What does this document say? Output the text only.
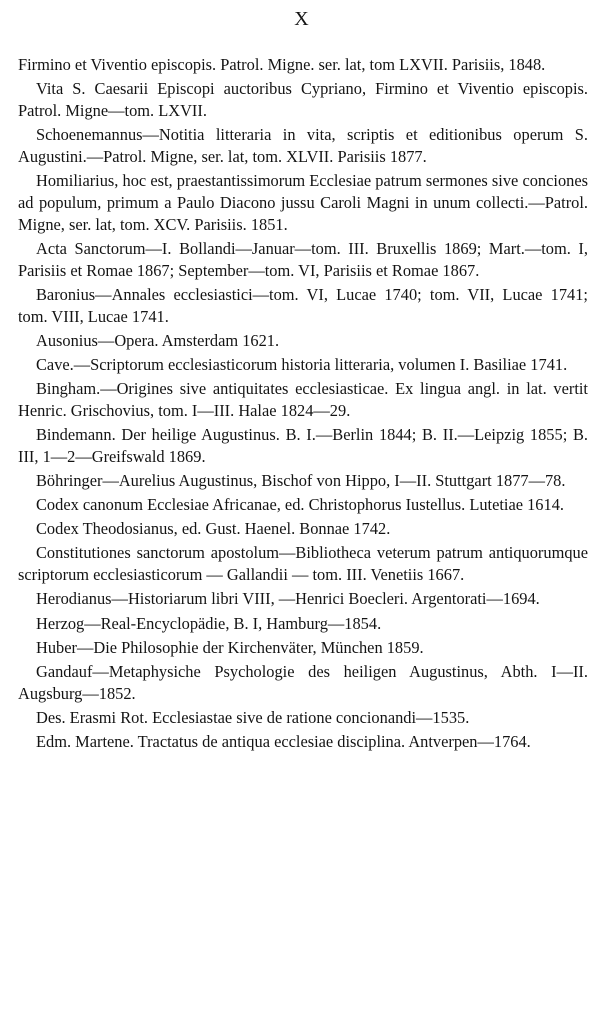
X
Firmino et Viventio episcopis. Patrol. Migne. ser. lat, tom LXVII. Parisiis, 1848.
Vita S. Caesarii Episcopi auctoribus Cypriano, Firmino et Viventio episcopis. Patrol. Migne—tom. LXVII.
Schoenemannus—Notitia litteraria in vita, scriptis et editionibus operum S. Augustini.—Patrol. Migne, ser. lat, tom. XLVII. Parisiis 1877.
Homiliarius, hoc est, praestantissimorum Ecclesiae patrum sermones sive conciones ad populum, primum a Paulo Diacono jussu Caroli Magni in unum collecti.—Patrol. Migne, ser. lat, tom. XCV. Parisiis. 1851.
Acta Sanctorum—I. Bollandi—Januar—tom. III. Bruxellis 1869; Mart.—tom. I, Parisiis et Romae 1867; September—tom. VI, Parisiis et Romae 1867.
Baronius—Annales ecclesiastici—tom. VI, Lucae 1740; tom. VII, Lucae 1741; tom. VIII, Lucae 1741.
Ausonius—Opera. Amsterdam 1621.
Cave.—Scriptorum ecclesiasticorum historia litteraria, volumen I. Basiliae 1741.
Bingham.—Origines sive antiquitates ecclesiasticae. Ex lingua angl. in lat. vertit Henric. Grischovius, tom. I—III. Halae 1824—29.
Bindemann. Der heilige Augustinus. B. I.—Berlin 1844; B. II.—Leipzig 1855; B. III, 1—2—Greifswald 1869.
Böhringer—Aurelius Augustinus, Bischof von Hippo, I—II. Stuttgart 1877—78.
Codex canonum Ecclesiae Africanae, ed. Christophorus Iustellus. Lutetiae 1614.
Codex Theodosianus, ed. Gust. Haenel. Bonnae 1742.
Constitutiones sanctorum apostolum—Bibliotheca veterum patrum antiquorumque scriptorum ecclesiasticorum — Gallandii — tom. III. Venetiis 1667.
Herodianus—Historiarum libri VIII, —Henrici Boecleri. Argentorati—1694.
Herzog—Real-Encyclopädie, B. I, Hamburg—1854.
Huber—Die Philosophie der Kirchenväter, München 1859.
Gandauf—Metaphysiche Psychologie des heiligen Augustinus, Abth. I—II. Augsburg—1852.
Des. Erasmi Rot. Ecclesiastae sive de ratione concionandi—1535.
Edm. Martene. Tractatus de antiqua ecclesiae disciplina. Antverpen—1764.
